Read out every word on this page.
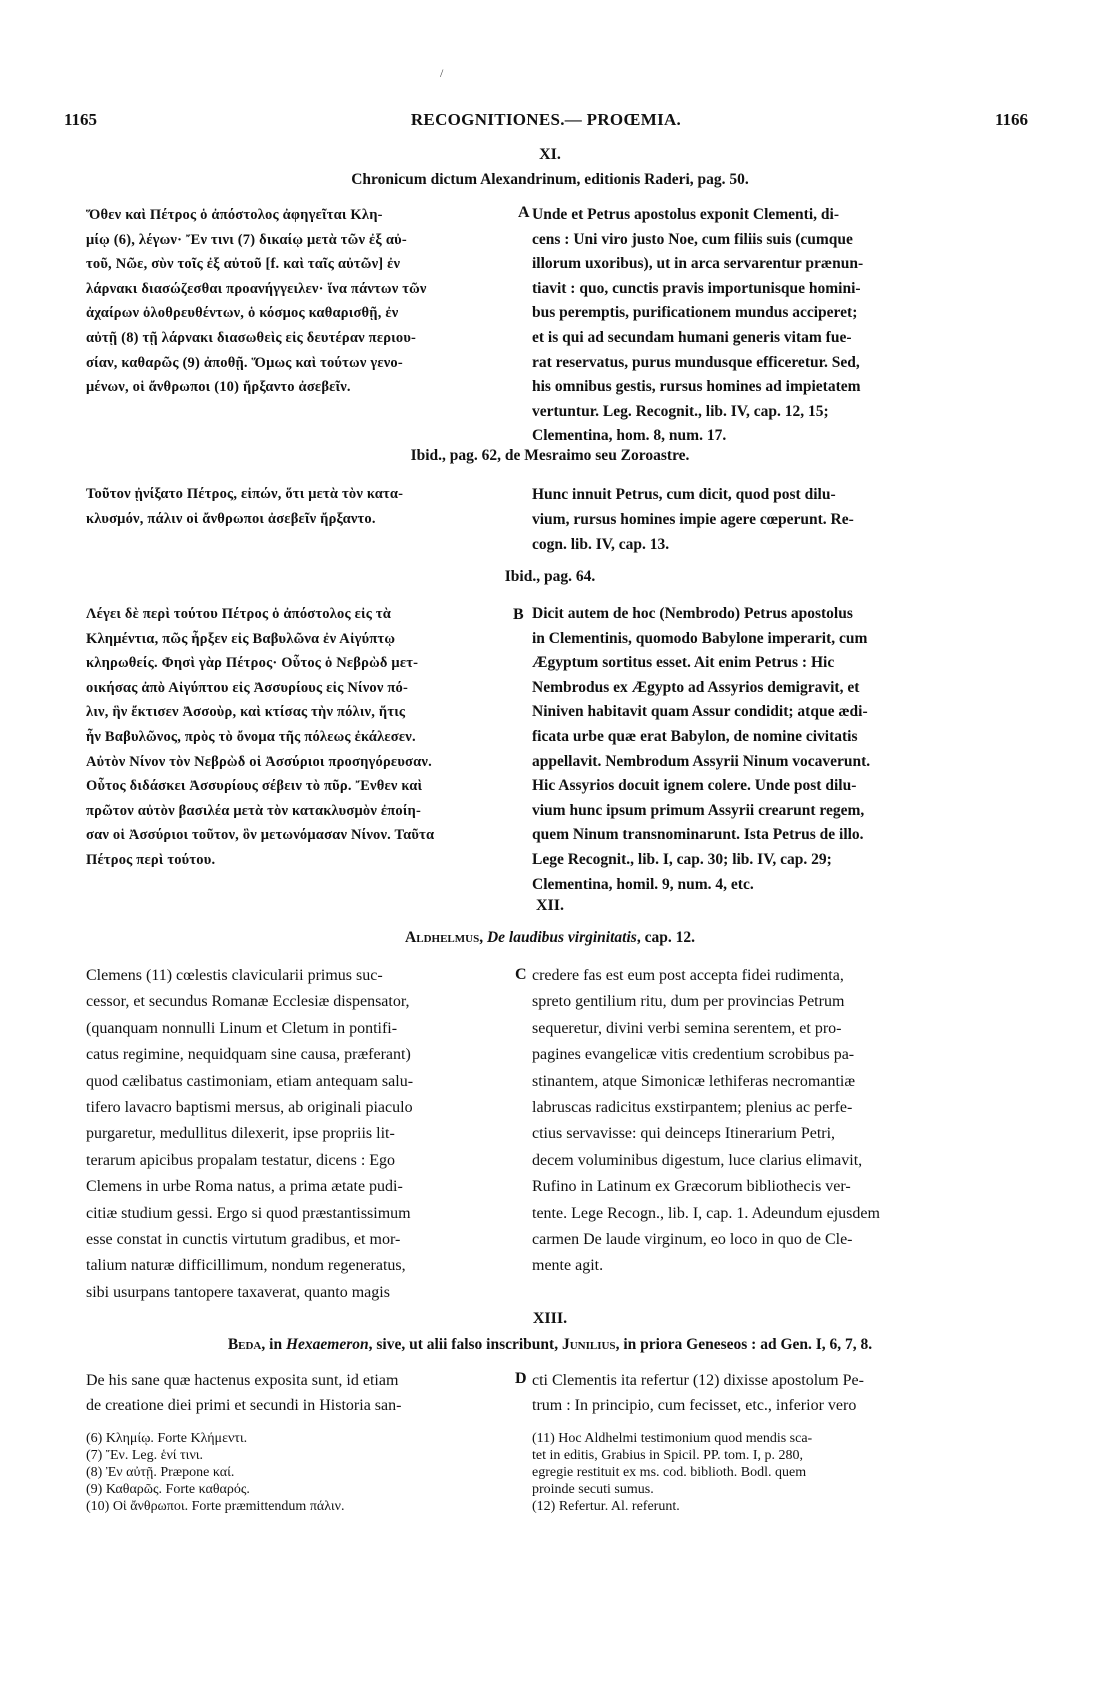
1165	RECOGNITIONES.— PROŒMIA.	1166
/
XI.
Chronicum dictum Alexandrinum, editionis Raderi, pag. 50.
Ὅθεν καὶ Πέτρος ὁ ἀπόστολος ἀφηγεῖται Κλη-
μίῳ (6), λέγων· Ἔν τινι (7) δικαίῳ μετὰ τῶν ἐξ αὐ-
τοῦ, Νῶε, σὺν τοῖς ἐξ αὐτοῦ [f. καὶ ταῖς αὐτῶν] ἐν
λάρνακι διασώζεσθαι προανήγγειλεν· ἵνα πάντων τῶν
ἀχαίρων ὀλοθρευθέντων, ὁ κόσμος καθαρισθῇ, ἐν
αὐτῇ (8) τῇ λάρνακι διασωθεὶς εἰς δευτέραν περιου-
σίαν, καθαρῶς (9) ἀποθῇ. Ὅμως καὶ τούτων γενο-
μένων, οἱ ἄνθρωποι (10) ἤρξαντο ἀσεβεῖν.
Unde et Petrus apostolus exponit Clementi, di-
cens : Uni viro justo Noe, cum filiis suis (cumque
illorum uxoribus), ut in arca servarentur prænun-
tiavit : quo, cunctis pravis importunisque homini-
bus peremptis, purificationem mundus acciperet;
et is qui ad secundam humani generis vitam fue-
rat reservatus, purus mundusque efficeretur. Sed,
his omnibus gestis, rursus homines ad impietatem
vertuntur. Leg. Recognit., lib. IV, cap. 12, 15;
Clementina, hom. 8, num. 17.
A
Ibid., pag. 62, de Mesraimo seu Zoroastre.
Τοῦτον ᾐνίξατο Πέτρος, εἰπών, ὅτι μετὰ τὸν κατα-
κλυσμόν, πάλιν οἱ ἄνθρωποι ἀσεβεῖν ἤρξαντο.
Hunc innuit Petrus, cum dicit, quod post dilu-
vium, rursus homines impie agere cœperunt. Re-
cogn. lib. IV, cap. 13.
Ibid., pag. 64.
Λέγει δὲ περὶ τούτου Πέτρος ὁ ἀπόστολος εἰς τὰ
Κλημέντια, πῶς ἦρξεν εἰς Βαβυλῶνα ἐν Αἰγύπτῳ
κληρωθείς. Φησὶ γὰρ Πέτρος· Οὗτος ὁ Νεβρὼδ μετ-
οικήσας ἀπὸ Αἰγύπτου εἰς Ἀσσυρίους εἰς Νίνον πό-
λιν, ἣν ἔκτισεν Ἀσσοὺρ, καὶ κτίσας τὴν πόλιν, ἥτις
ἦν Βαβυλῶνος, πρὸς τὸ ὄνομα τῆς πόλεως ἐκάλεσεν.
Αὐτὸν Νίνον τὸν Νεβρὼδ οἱ Ἀσσύριοι προσηγόρευσαν.
Οὗτος διδάσκει Ἀσσυρίους σέβειν τὸ πῦρ. Ἔνθεν καὶ
πρῶτον αὐτὸν βασιλέα μετὰ τὸν κατακλυσμὸν ἐποίη-
σαν οἱ Ἀσσύριοι τοῦτον, ὃν μετωνόμασαν Νίνον. Ταῦτα
Πέτρος περὶ τούτου.
Dicit autem de hoc (Nembrodo) Petrus apostolus
in Clementinis, quomodo Babylone imperarit, cum
Ægyptum sortitus esset. Ait enim Petrus : Hic
Nembrodus ex Ægypto ad Assyrios demigravit, et
Niniven habitavit quam Assur condidit; atque ædi-
ficata urbe quæ erat Babylon, de nomine civitatis
appellavit. Nembrodum Assyrii Ninum vocaverunt.
Hic Assyrios docuit ignem colere. Unde post dilu-
vium hunc ipsum primum Assyrii crearunt regem,
quem Ninum transnominarunt. Ista Petrus de illo.
Lege Recognit., lib. I, cap. 30; lib. IV, cap. 29;
Clementina, homil. 9, num. 4, etc.
B
XII.
Aldhelmus, De laudibus virginitatis, cap. 12.
Clemens (11) cœlestis clavicularii primus suc-
cessor, et secundus Romanæ Ecclesiæ dispensator,
(quanquam nonnulli Linum et Cletum in pontifi-
catus regimine, nequidquam sine causa, præferant)
quod cælibatus castimoniam, etiam antequam salu-
tifero lavacro baptismi mersus, ab originali piaculo
purgaretur, medullitus dilexerit, ipse propriis lit-
terarum apicibus propalam testatur, dicens : Ego
Clemens in urbe Roma natus, a prima ætate pudi-
citiæ studium gessi. Ergo si quod præstantissimum
esse constat in cunctis virtutum gradibus, et mor-
talium naturæ difficillimum, nondum regeneratus,
sibi usurpans tantopere taxaverat, quanto magis
credere fas est eum post accepta fidei rudimenta,
spreto gentilium ritu, dum per provincias Petrum
sequeretur, divini verbi semina serentem, et pro-
pagines evangelicæ vitis credentium scrobibus pa-
stinantem, atque Simonicæ lethiferas necromantiæ
labruscas radicitus exstirpantem; plenius ac perfe-
ctius servavisse: qui deinceps Itinerarium Petri,
decem voluminibus digestum, luce clarius elimavit,
Rufino in Latinum ex Græcorum bibliothecis ver-
tente. Lege Recogn., lib. I, cap. 1. Adeundum ejusdem
carmen De laude virginum, eo loco in quo de Cle-
mente agit.
C
XIII.
Beda, in Hexaemeron, sive, ut alii falso inscribunt, Junilius, in priora Geneseos : ad Gen. I, 6, 7, 8.
De his sane quæ hactenus exposita sunt, id etiam
de creatione diei primi et secundi in Historia san-
cti Clementis ita refertur (12) dixisse apostolum Pe-
trum : In principio, cum fecisset, etc., inferior vero
D
(6) Κλημίῳ. Forte Κλήμεντι.
(7) Ἔν. Leg. ἑνί τινι.
(8) Ἐν αὐτῇ. Præpone καί.
(9) Καθαρῶς. Forte καθαρός.
(10) Οἱ ἄνθρωποι. Forte præmittendum πάλιν.
(11) Hoc Aldhelmi testimonium quod mendis sca-
tet in editis, Grabius in Spicil. PP. tom. I, p. 280,
egregie restituit ex ms. cod. biblioth. Bodl. quem
proinde secuti sumus.
(12) Refertur. Al. referunt.
